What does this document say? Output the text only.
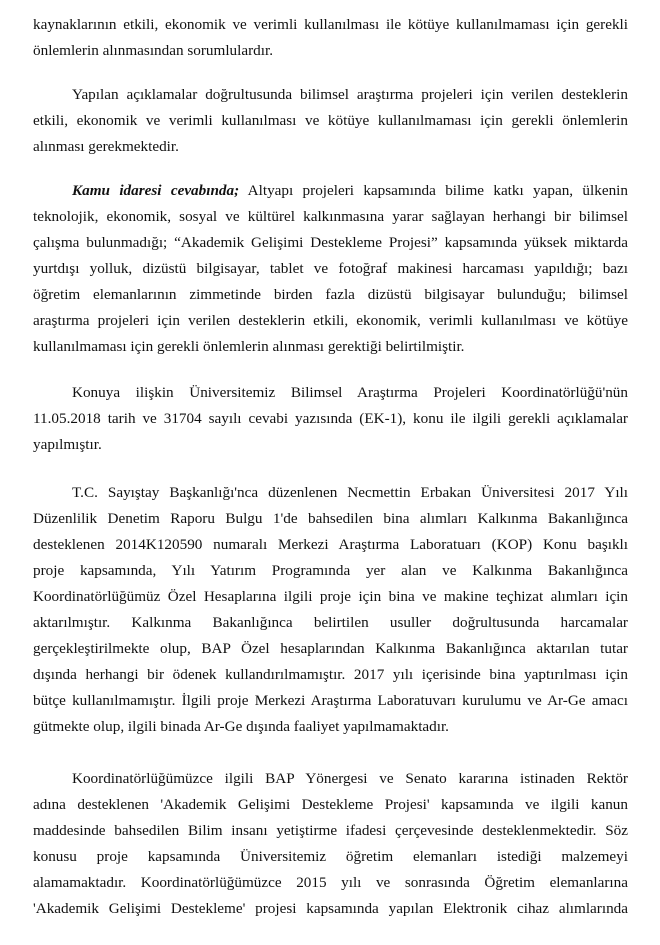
kaynaklarının etkili, ekonomik ve verimli kullanılması ile kötüye kullanılmaması için gerekli
önlemlerin alınmasından sorumlulardır.
Yapılan açıklamalar doğrultusunda bilimsel araştırma projeleri için verilen desteklerin
etkili, ekonomik ve verimli kullanılması ve kötüye kullanılmaması için gerekli önlemlerin
alınması gerekmektedir.
Kamu idaresi cevabında; Altyapı projeleri kapsamında bilime katkı yapan, ülkenin
teknolojik, ekonomik, sosyal ve kültürel kalkınmasına yarar sağlayan herhangi bir bilimsel
çalışma bulunmadığı; “Akademik Gelişimi Destekleme Projesi” kapsamında yüksek miktarda
yurtdışı yolluk, dizüstü bilgisayar, tablet ve fotoğraf makinesi harcaması yapıldığı; bazı
öğretim elemanlarının zimmetinde birden fazla dizüstü bilgisayar bulunduğu; bilimsel
araştırma projeleri için verilen desteklerin etkili, ekonomik, verimli kullanılması ve kötüye
kullanılmaması için gerekli önlemlerin alınması gerektiği belirtilmiştir.
Konuya ilişkin Üniversitemiz Bilimsel Araştırma Projeleri Koordinatörlüğü'nün
11.05.2018 tarih ve 31704 sayılı cevabi yazısında (EK-1), konu ile ilgili gerekli açıklamalar
yapılmıştır.
T.C. Sayıştay Başkanlığı'nca düzenlenen Necmettin Erbakan Üniversitesi 2017 Yılı
Düzenlilik Denetim Raporu Bulgu 1'de bahsedilen bina alımları Kalkınma Bakanlığınca
desteklenen 2014K120590 numaralı Merkezi Araştırma Laboratuarı (KOP) Konu başıklı
proje kapsamında, Yılı Yatırım Programında yer alan ve Kalkınma Bakanlığınca
Koordinatörlüğümüz Özel Hesaplarına ilgili proje için bina ve makine teçhizat alımları için
aktarılmıştır. Kalkınma Bakanlığınca belirtilen usuller doğrultusunda harcamalar
gerçekleştirilmekte olup, BAP Özel hesaplarından Kalkınma Bakanlığınca aktarılan tutar
dışında herhangi bir ödenek kullandırılmamıştır. 2017 yılı içerisinde bina yaptırılması için
bütçe kullanılmamıştır. İlgili proje Merkezi Araştırma Laboratuvarı kurulumu ve Ar-Ge amacı
gütmekte olup, ilgili binada Ar-Ge dışında faaliyet yapılmamaktadır.
Koordinatörlüğümüzce ilgili BAP Yönergesi ve Senato kararına istinaden Rektör
adına desteklenen 'Akademik Gelişimi Destekleme Projesi' kapsamında ve ilgili kanun
maddesinde bahsedilen Bilim insanı yetiştirme ifadesi çerçevesinde desteklenmektedir. Söz
konusu proje kapsamında Üniversitemiz öğretim elemanları istediği malzemeyi
alamamaktadır. Koordinatörlüğümüzce 2015 yılı ve sonrasında Öğretim elemanlarına
'Akademik Gelişimi Destekleme' projesi kapsamında yapılan Elektronik cihaz alımlarında
